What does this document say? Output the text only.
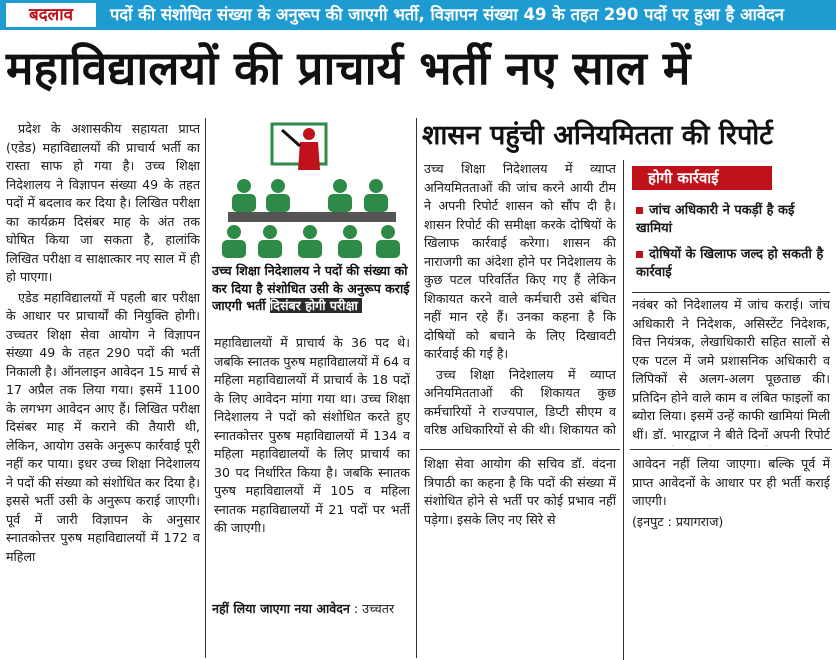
बदलाव	पदों की संशोधित संख्या के अनुरूप की जाएगी भर्ती, विज्ञापन संख्या 49 के तहत 290 पदों पर हुआ है आवेदन
महाविद्यालयों की प्राचार्य भर्ती नए साल में

प्रदेश के अशासकीय सहायता प्राप्त (एडेड) महाविद्यालयों की प्राचार्य भर्ती का रास्ता साफ हो गया है। उच्च शिक्षा निदेशालय ने विज्ञापन संख्या 49 के तहत पदों में बदलाव कर दिया है। लिखित परीक्षा का कार्यक्रम दिसंबर माह के अंत तक घोषित किया जा सकता है, हालांकि लिखित परीक्षा व साक्षात्कार नए साल में ही हो पाएगा।

एडेड महाविद्यालयों में पहली बार परीक्षा के आधार पर प्राचार्यों की नियुक्ति होगी। उच्चतर शिक्षा सेवा आयोग ने विज्ञापन संख्या 49 के तहत 290 पदों की भर्ती निकाली है। ऑनलाइन आवेदन 15 मार्च से 17 अप्रैल तक लिया गया। इसमें 1100 के लगभग आवेदन आए हैं। लिखित परीक्षा दिसंबर माह में कराने की तैयारी थी, लेकिन, आयोग उसके अनुरूप कार्रवाई पूरी नहीं कर पाया। इधर उच्च शिक्षा निदेशालय ने पदों की संख्या को संशोधित कर दिया है। इससे भर्ती उसी के अनुरूप कराई जाएगी। पूर्व में जारी विज्ञापन के अनुसार स्नातकोत्तर पुरुष महाविद्यालयों में 172 व महिला

उच्च शिक्षा निदेशालय ने पदों की संख्या को कर दिया है संशोधित उसी के अनुरूप कराई जाएगी भर्ती दिसंबर होगी परीक्षा

महाविद्यालयों में प्राचार्य के 36 पद थे। जबकि स्नातक पुरुष महाविद्यालयों में 64 व महिला महाविद्यालयों में प्राचार्य के 18 पदों के लिए आवेदन मांगा गया था। उच्च शिक्षा निदेशालय ने पदों को संशोधित करते हुए स्नातकोत्तर पुरुष महाविद्यालयों में 134 व महिला महाविद्यालयों के लिए प्राचार्य का 30 पद निर्धारित किया है। जबकि स्नातक पुरुष महाविद्यालयों में 105 व महिला स्नातक महाविद्यालयों में 21 पदों पर भर्ती की जाएगी।

नहीं लिया जाएगा नया आवेदन : उच्चतर
शासन पहुंची अनियमितता की रिपोर्ट

उच्च शिक्षा निदेशालय में व्याप्त अनियमितताओं की जांच करने आयी टीम ने अपनी रिपोर्ट शासन को सौंप दी है। शासन रिपोर्ट की समीक्षा करके दोषियों के खिलाफ कार्रवाई करेगा। शासन की नाराजगी का अंदेशा होने पर निदेशालय के कुछ पटल परिवर्तित किए गए हैं लेकिन शिकायत करने वाले कर्मचारी उसे बंचित नहीं मान रहे हैं। उनका कहना है कि दोषियों को बचाने के लिए दिखावटी कार्रवाई की गई है।

उच्च शिक्षा निदेशालय में व्याप्त अनियमितताओं की शिकायत कुछ कर्मचारियों ने राज्यपाल, डिप्टी सीएम व वरिष्ठ अधिकारियों से की थी। शिकायत को

शिक्षा सेवा आयोग की सचिव डॉ. वंदना त्रिपाठी का कहना है कि पदों की संख्या में संशोधित होने से भर्ती पर कोई प्रभाव नहीं पड़ेगा। इसके लिए नए सिरे से

होगी कार्रवाई
जांच अधिकारी ने पकड़ीं है कई खामियां
दोषियों के खिलाफ जल्द हो सकती है कार्रवाई

नवंबर को निदेशालय में जांच कराई। जांच अधिकारी ने निदेशक, असिस्टेंट निदेशक, वित्त नियंत्रक, लेखाधिकारी सहित सालों से एक पटल में जमे प्रशासनिक अधिकारी व लिपिकों से अलग-अलग पूछताछ की। प्रतिदिन होने वाले काम व लंबित फाइलों का ब्योरा लिया। इसमें उन्हें काफी खामियां मिली थीं। डॉ. भारद्वाज ने बीते दिनों अपनी रिपोर्ट

आवेदन नहीं लिया जाएगा। बल्कि पूर्व में प्राप्त आवेदनों के आधार पर ही भर्ती कराई जाएगी।

(इनपुट : प्रयागराज)
